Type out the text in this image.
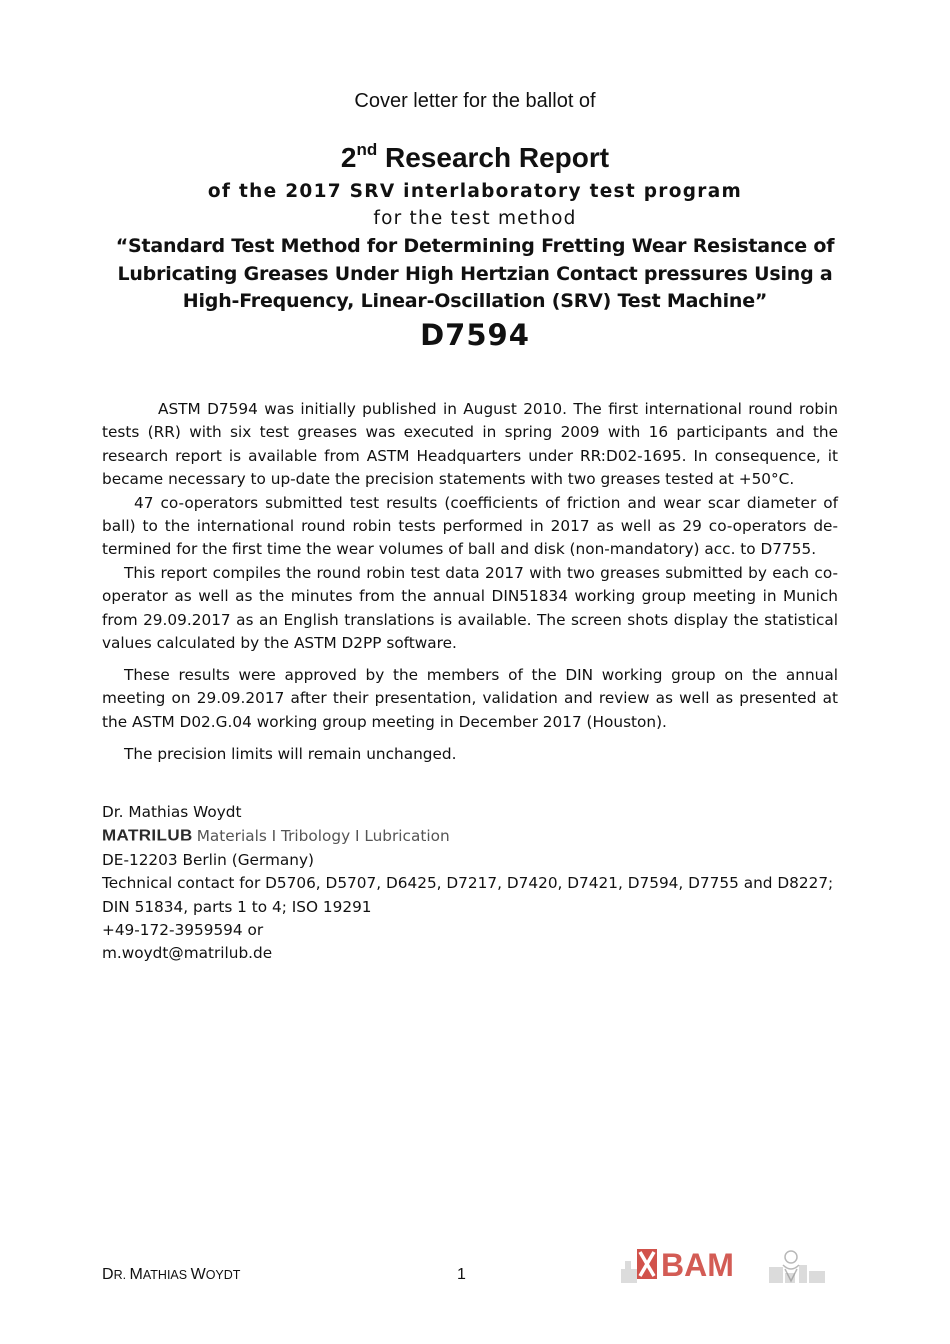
Cover letter for the ballot of
2nd Research Report
of the 2017 SRV interlaboratory test program
for the test method
“Standard Test Method for Determining Fretting Wear Resistance of Lubricating Greases Under High Hertzian Contact pressures Using a High-Frequency, Linear-Oscillation (SRV) Test Machine”
D7594

ASTM D7594 was initially published in August 2010. The first international round robin tests (RR) with six test greases was executed in spring 2009 with 16 participants and the research report is available from ASTM Headquarters under RR:D02-1695. In consequence, it became necessary to up-date the precision statements with two greases tested at +50°C.

47 co-operators submitted test results (coefficients of friction and wear scar diameter of ball) to the international round robin tests performed in 2017 as well as 29 co-operators de-termined for the first time the wear volumes of ball and disk (non-mandatory) acc. to D7755.

This report compiles the round robin test data 2017 with two greases submitted by each co-operator as well as the minutes from the annual DIN51834 working group meeting in Munich from 29.09.2017 as an English translations is available. The screen shots display the statistical values calculated by the ASTM D2PP software.

These results were approved by the members of the DIN working group on the annual meeting on 29.09.2017 after their presentation, validation and review as well as presented at the ASTM D02.G.04 working group meeting in December 2017 (Houston).

The precision limits will remain unchanged.

Dr. Mathias Woydt
MATRILUB Materials I Tribology I Lubrication
DE-12203 Berlin (Germany)
Technical contact for D5706, D5707, D6425, D7217, D7420, D7421, D7594, D7755 and D8227;
DIN 51834, parts 1 to 4; ISO 19291
+49-172-3959594 or
m.woydt@matrilub.de
DR. MATHIAS WOYDT	1	BAM
